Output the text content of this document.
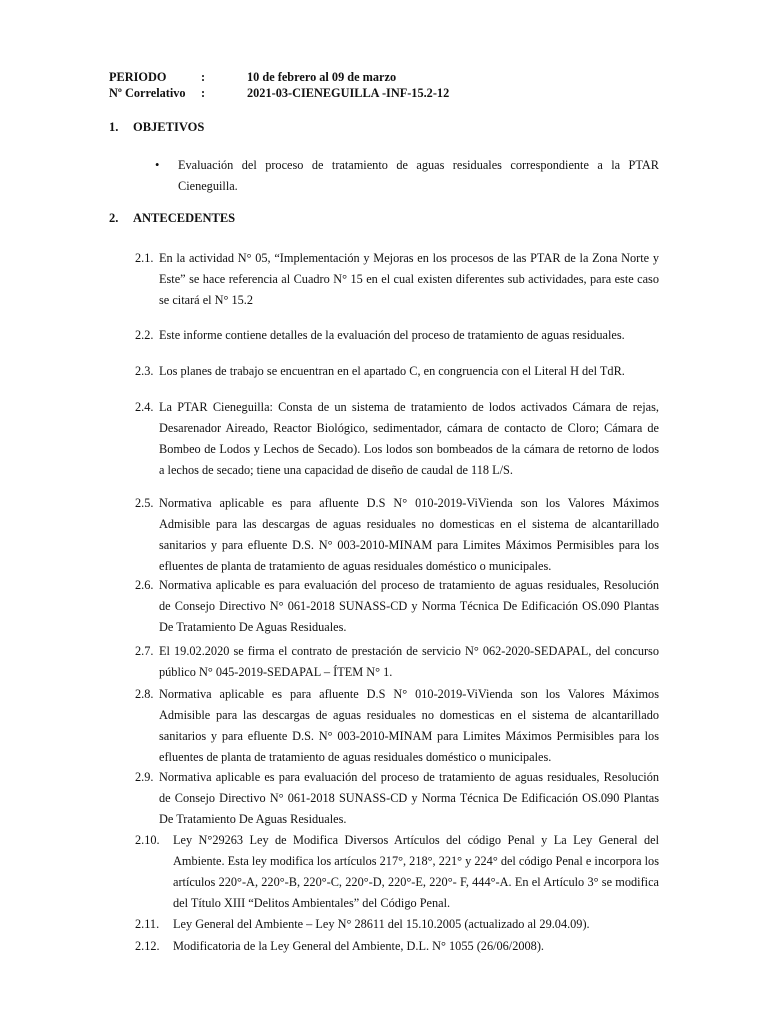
PERIODO	:	10 de febrero al 09 de marzo
Nº Correlativo :	2021-03-CIENEGUILLA -INF-15.2-12
1. OBJETIVOS
• Evaluación del proceso de tratamiento de aguas residuales correspondiente a la PTAR Cieneguilla.
2. ANTECEDENTES
2.1. En la actividad N° 05, “Implementación y Mejoras en los procesos de las PTAR de la Zona Norte y Este” se hace referencia al Cuadro N° 15 en el cual existen diferentes sub actividades, para este caso se citará el N° 15.2
2.2. Este informe contiene detalles de la evaluación del proceso de tratamiento de aguas residuales.
2.3. Los planes de trabajo se encuentran en el apartado C, en congruencia con el Literal H del TdR.
2.4. La PTAR Cieneguilla: Consta de un sistema de tratamiento de lodos activados Cámara de rejas, Desarenador Aireado, Reactor Biológico, sedimentador, cámara de contacto de Cloro; Cámara de Bombeo de Lodos y Lechos de Secado). Los lodos son bombeados de la cámara de retorno de lodos a lechos de secado; tiene una capacidad de diseño de caudal de 118 L/S.
2.5. Normativa aplicable es para afluente D.S N° 010-2019-ViVienda son los Valores Máximos Admisible para las descargas de aguas residuales no domesticas en el sistema de alcantarillado sanitarios y para efluente D.S. N° 003-2010-MINAM para Limites Máximos Permisibles para los efluentes de planta de tratamiento de aguas residuales doméstico o municipales.
2.6. Normativa aplicable es para evaluación del proceso de tratamiento de aguas residuales, Resolución de Consejo Directivo N° 061-2018 SUNASS-CD y Norma Técnica De Edificación OS.090 Plantas De Tratamiento De Aguas Residuales.
2.7. El 19.02.2020 se firma el contrato de prestación de servicio N° 062-2020-SEDAPAL, del concurso público N° 045-2019-SEDAPAL – ÍTEM N° 1.
2.8. Normativa aplicable es para afluente D.S N° 010-2019-ViVienda son los Valores Máximos Admisible para las descargas de aguas residuales no domesticas en el sistema de alcantarillado sanitarios y para efluente D.S. N° 003-2010-MINAM para Limites Máximos Permisibles para los efluentes de planta de tratamiento de aguas residuales doméstico o municipales.
2.9. Normativa aplicable es para evaluación del proceso de tratamiento de aguas residuales, Resolución de Consejo Directivo N° 061-2018 SUNASS-CD y Norma Técnica De Edificación OS.090 Plantas De Tratamiento De Aguas Residuales.
2.10. Ley N°29263 Ley de Modifica Diversos Artículos del código Penal y La Ley General del Ambiente. Esta ley modifica los artículos 217°, 218°, 221° y 224° del código Penal e incorpora los artículos 220°-A, 220°-B, 220°-C, 220°-D, 220°-E, 220°- F, 444°-A. En el Artículo 3° se modifica del Título XIII “Delitos Ambientales” del Código Penal.
2.11. Ley General del Ambiente – Ley N° 28611 del 15.10.2005 (actualizado al 29.04.09).
2.12. Modificatoria de la Ley General del Ambiente, D.L. N° 1055 (26/06/2008).
